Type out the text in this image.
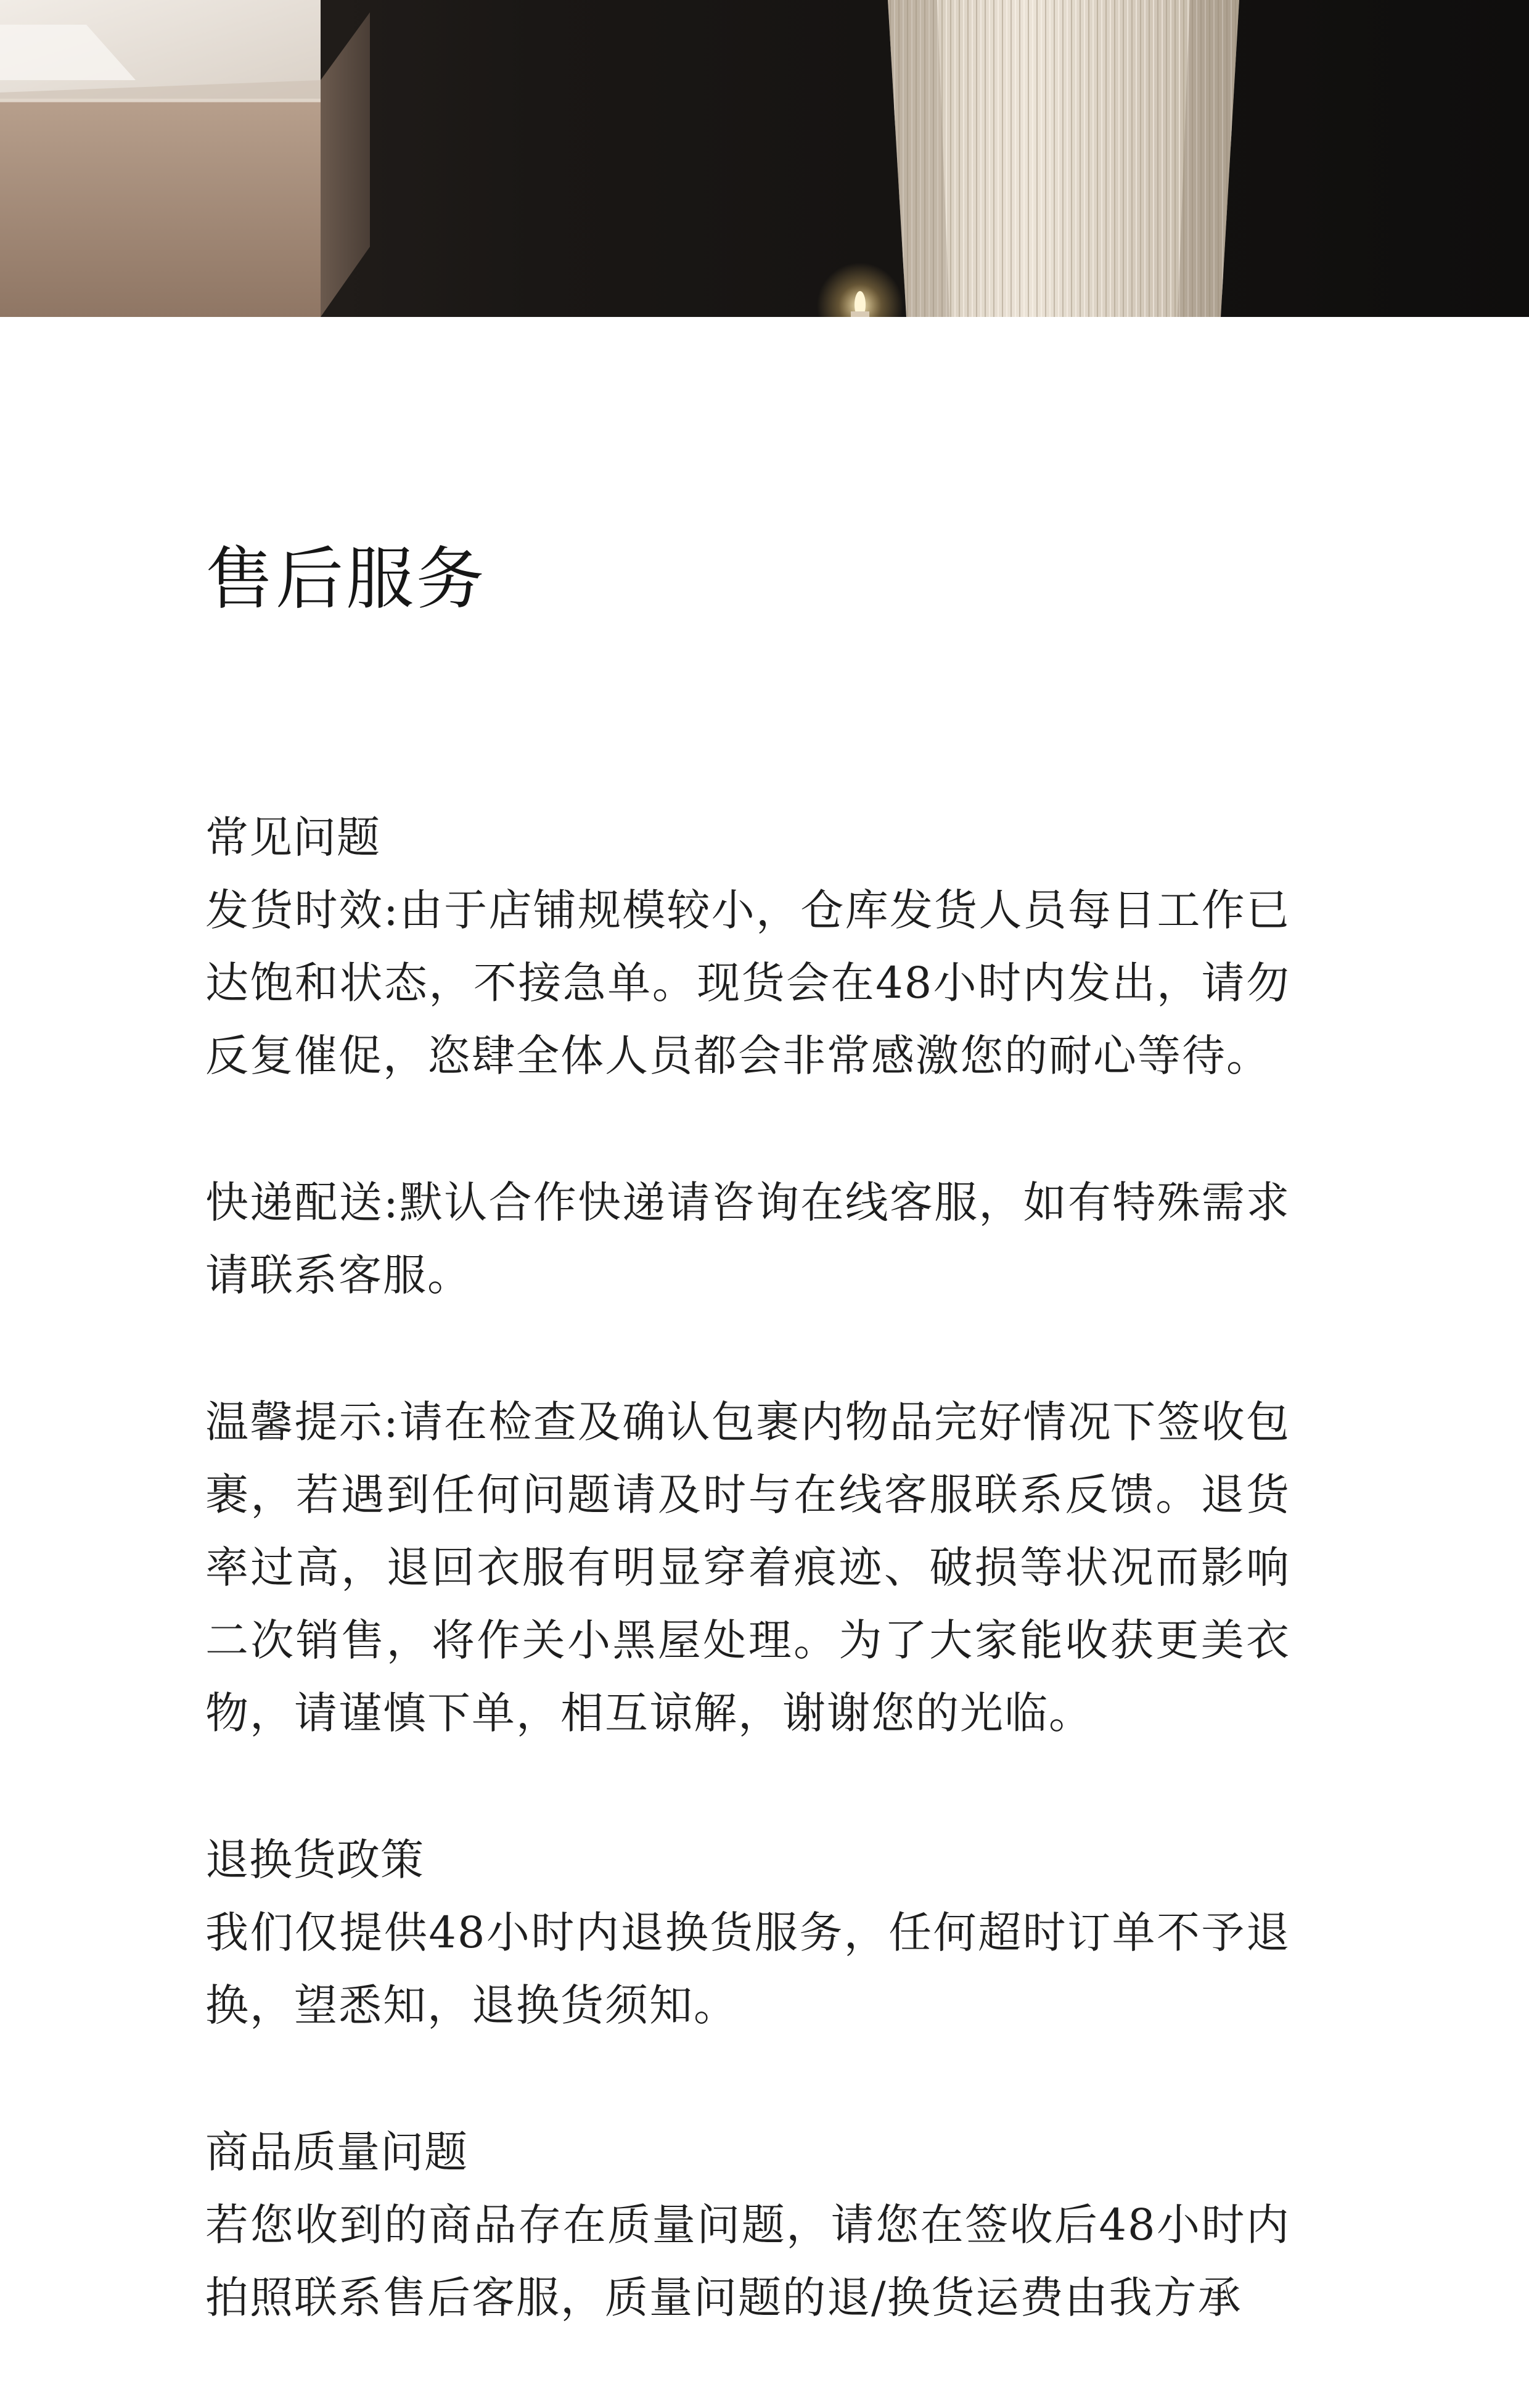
售后服务
常见问题

发货时效:由于店铺规模较小，仓库发货人员每日工作已达饱和状态，不接急单。现货会在48小时内发出，请勿反复催促，恣肆全体人员都会非常感激您的耐心等待。

快递配送:默认合作快递请咨询在线客服，如有特殊需求请联系客服。

温馨提示:请在检查及确认包裹内物品完好情况下签收包裹，若遇到任何问题请及时与在线客服联系反馈。退货率过高，退回衣服有明显穿着痕迹、破损等状况而影响二次销售，将作关小黑屋处理。为了大家能收获更美衣物，请谨慎下单，相互谅解，谢谢您的光临。

退换货政策

我们仅提供48小时内退换货服务，任何超时订单不予退换，望悉知，退换货须知。

商品质量问题

若您收到的商品存在质量问题，请您在签收后48小时内拍照联系售后客服，质量问题的退/换货运费由我方承
